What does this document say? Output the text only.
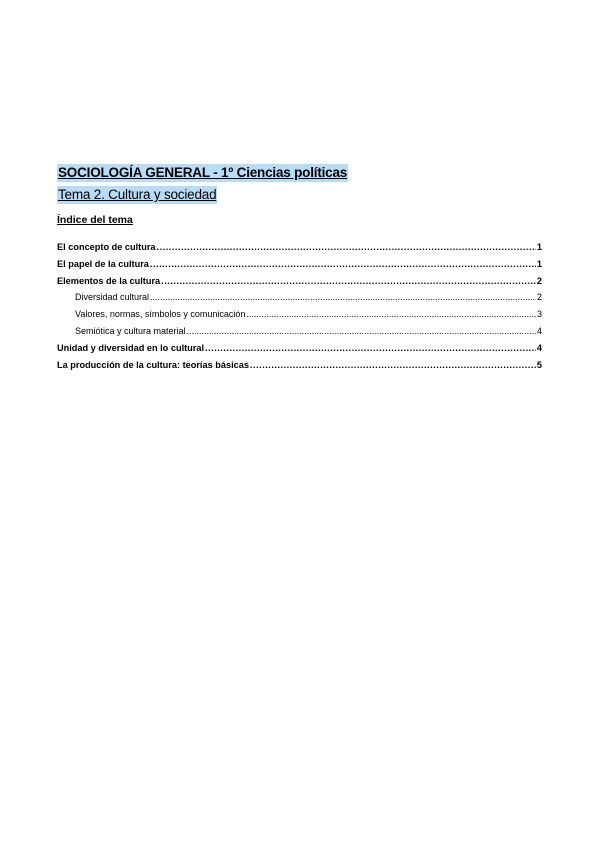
SOCIOLOGÍA GENERAL - 1º Ciencias políticas
Tema 2. Cultura y sociedad
Índice del tema
El concepto de cultura .....	1
El papel de la cultura .....	1
Elementos de la cultura .....	2
Diversidad cultural .....	2
Valores, normas, símbolos y comunicación .....	3
Semiótica y cultura material .....	4
Unidad y diversidad en lo cultural .....	4
La producción de la cultura: teorías básicas .....	5
